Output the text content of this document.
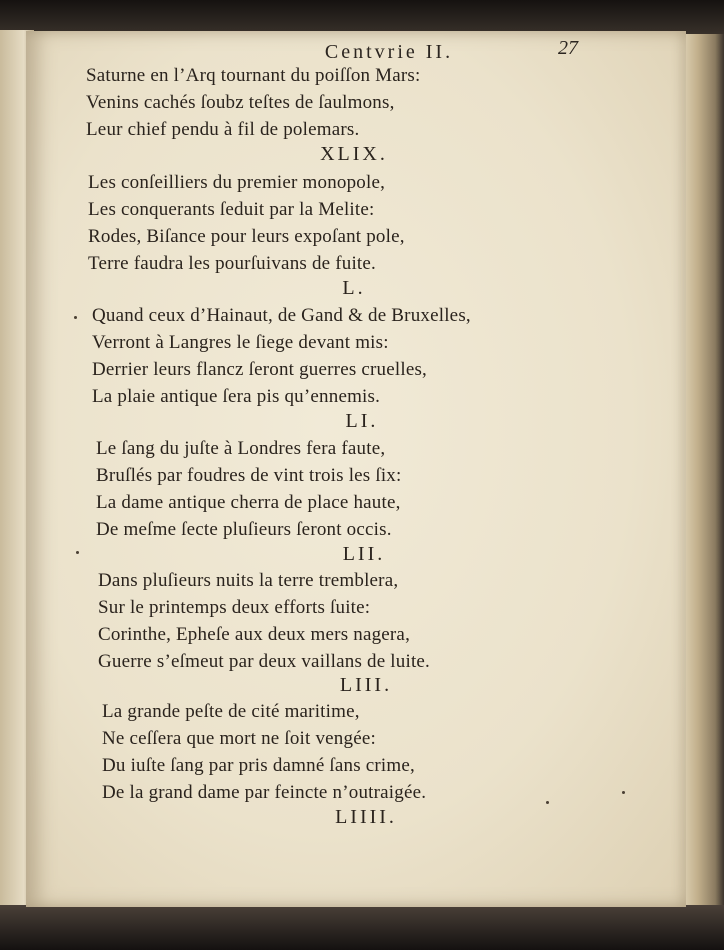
Centvrie II.	27
Saturne en l’Arq tournant du poiſſon Mars:
Venins cachés ſoubz teſtes de ſaulmons,
Leur chief pendu à fil de polemars.
XLIX.
Les conſeilliers du premier monopole,
Les conquerants ſeduit par la Melite:
Rodes, Biſance pour leurs expoſant pole,
Terre faudra les pourſuivans de fuite.
L.
Quand ceux d’Hainaut, de Gand & de Bruxelles,
Verront à Langres le ſiege devant mis:
Derrier leurs flancz ſeront guerres cruelles,
La plaie antique ſera pis qu’ennemis.
LI.
Le ſang du juſte à Londres fera faute,
Bruſlés par foudres de vint trois les ſix:
La dame antique cherra de place haute,
De meſme ſecte pluſieurs ſeront occis.
LII.
Dans pluſieurs nuits la terre tremblera,
Sur le printemps deux efforts ſuite:
Corinthe, Epheſe aux deux mers nagera,
Guerre s’eſmeut par deux vaillans de luite.
LIII.
La grande peſte de cité maritime,
Ne ceſſera que mort ne ſoit vengée:
Du iuſte ſang par pris damné ſans crime,
De la grand dame par feincte n’outraigée.
LIIII.
